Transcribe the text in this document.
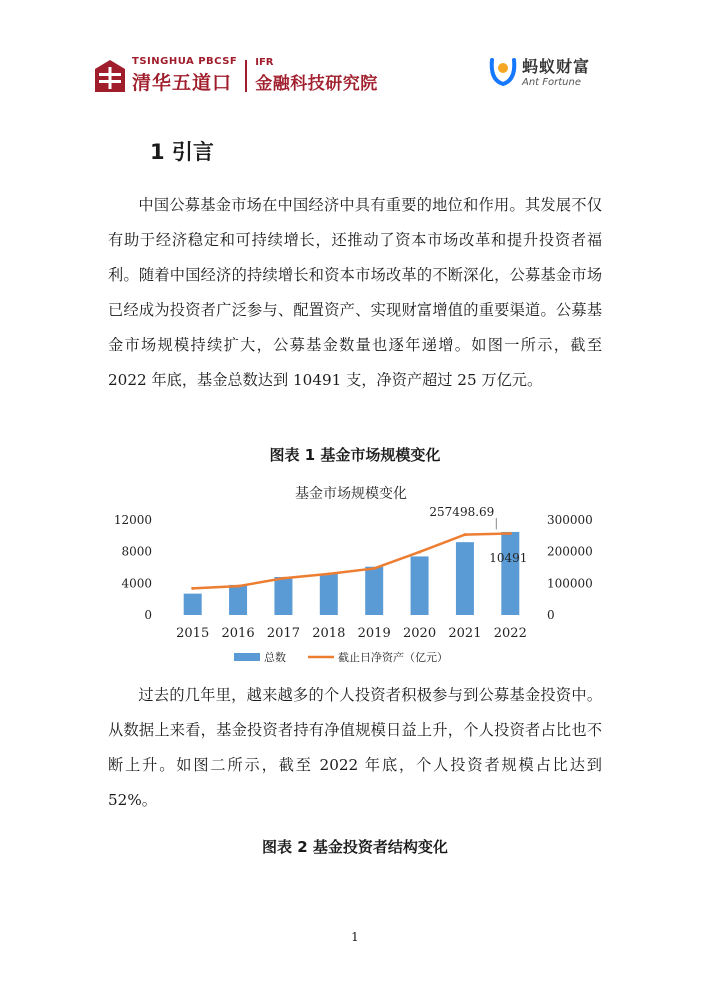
TSINGHUA PBCSF
清华五道口
IFR
金融科技研究院
蚂蚁财富
Ant Fortune
1 引言

中国公募基金市场在中国经济中具有重要的地位和作用。其发展不仅有助于经济稳定和可持续增长，还推动了资本市场改革和提升投资者福利。随着中国经济的持续增长和资本市场改革的不断深化，公募基金市场已经成为投资者广泛参与、配置资产、实现财富增值的重要渠道。公募基金市场规模持续扩大，公募基金数量也逐年递增。如图一所示，截至 2022 年底，基金总数达到 10491 支，净资产超过 25 万亿元。

图表 1 基金市场规模变化
基金市场规模变化
0
4000
8000
12000
0
100000
200000
300000
2015 2016 2017 2018 2019 2020 2021 2022
257498.69
10491
总数	截止日净资产（亿元）

过去的几年里，越来越多的个人投资者积极参与到公募基金投资中。从数据上来看，基金投资者持有净值规模日益上升，个人投资者占比也不断上升。如图二所示，截至 2022 年底，个人投资者规模占比达到 52%。

图表 2 基金投资者结构变化
1
